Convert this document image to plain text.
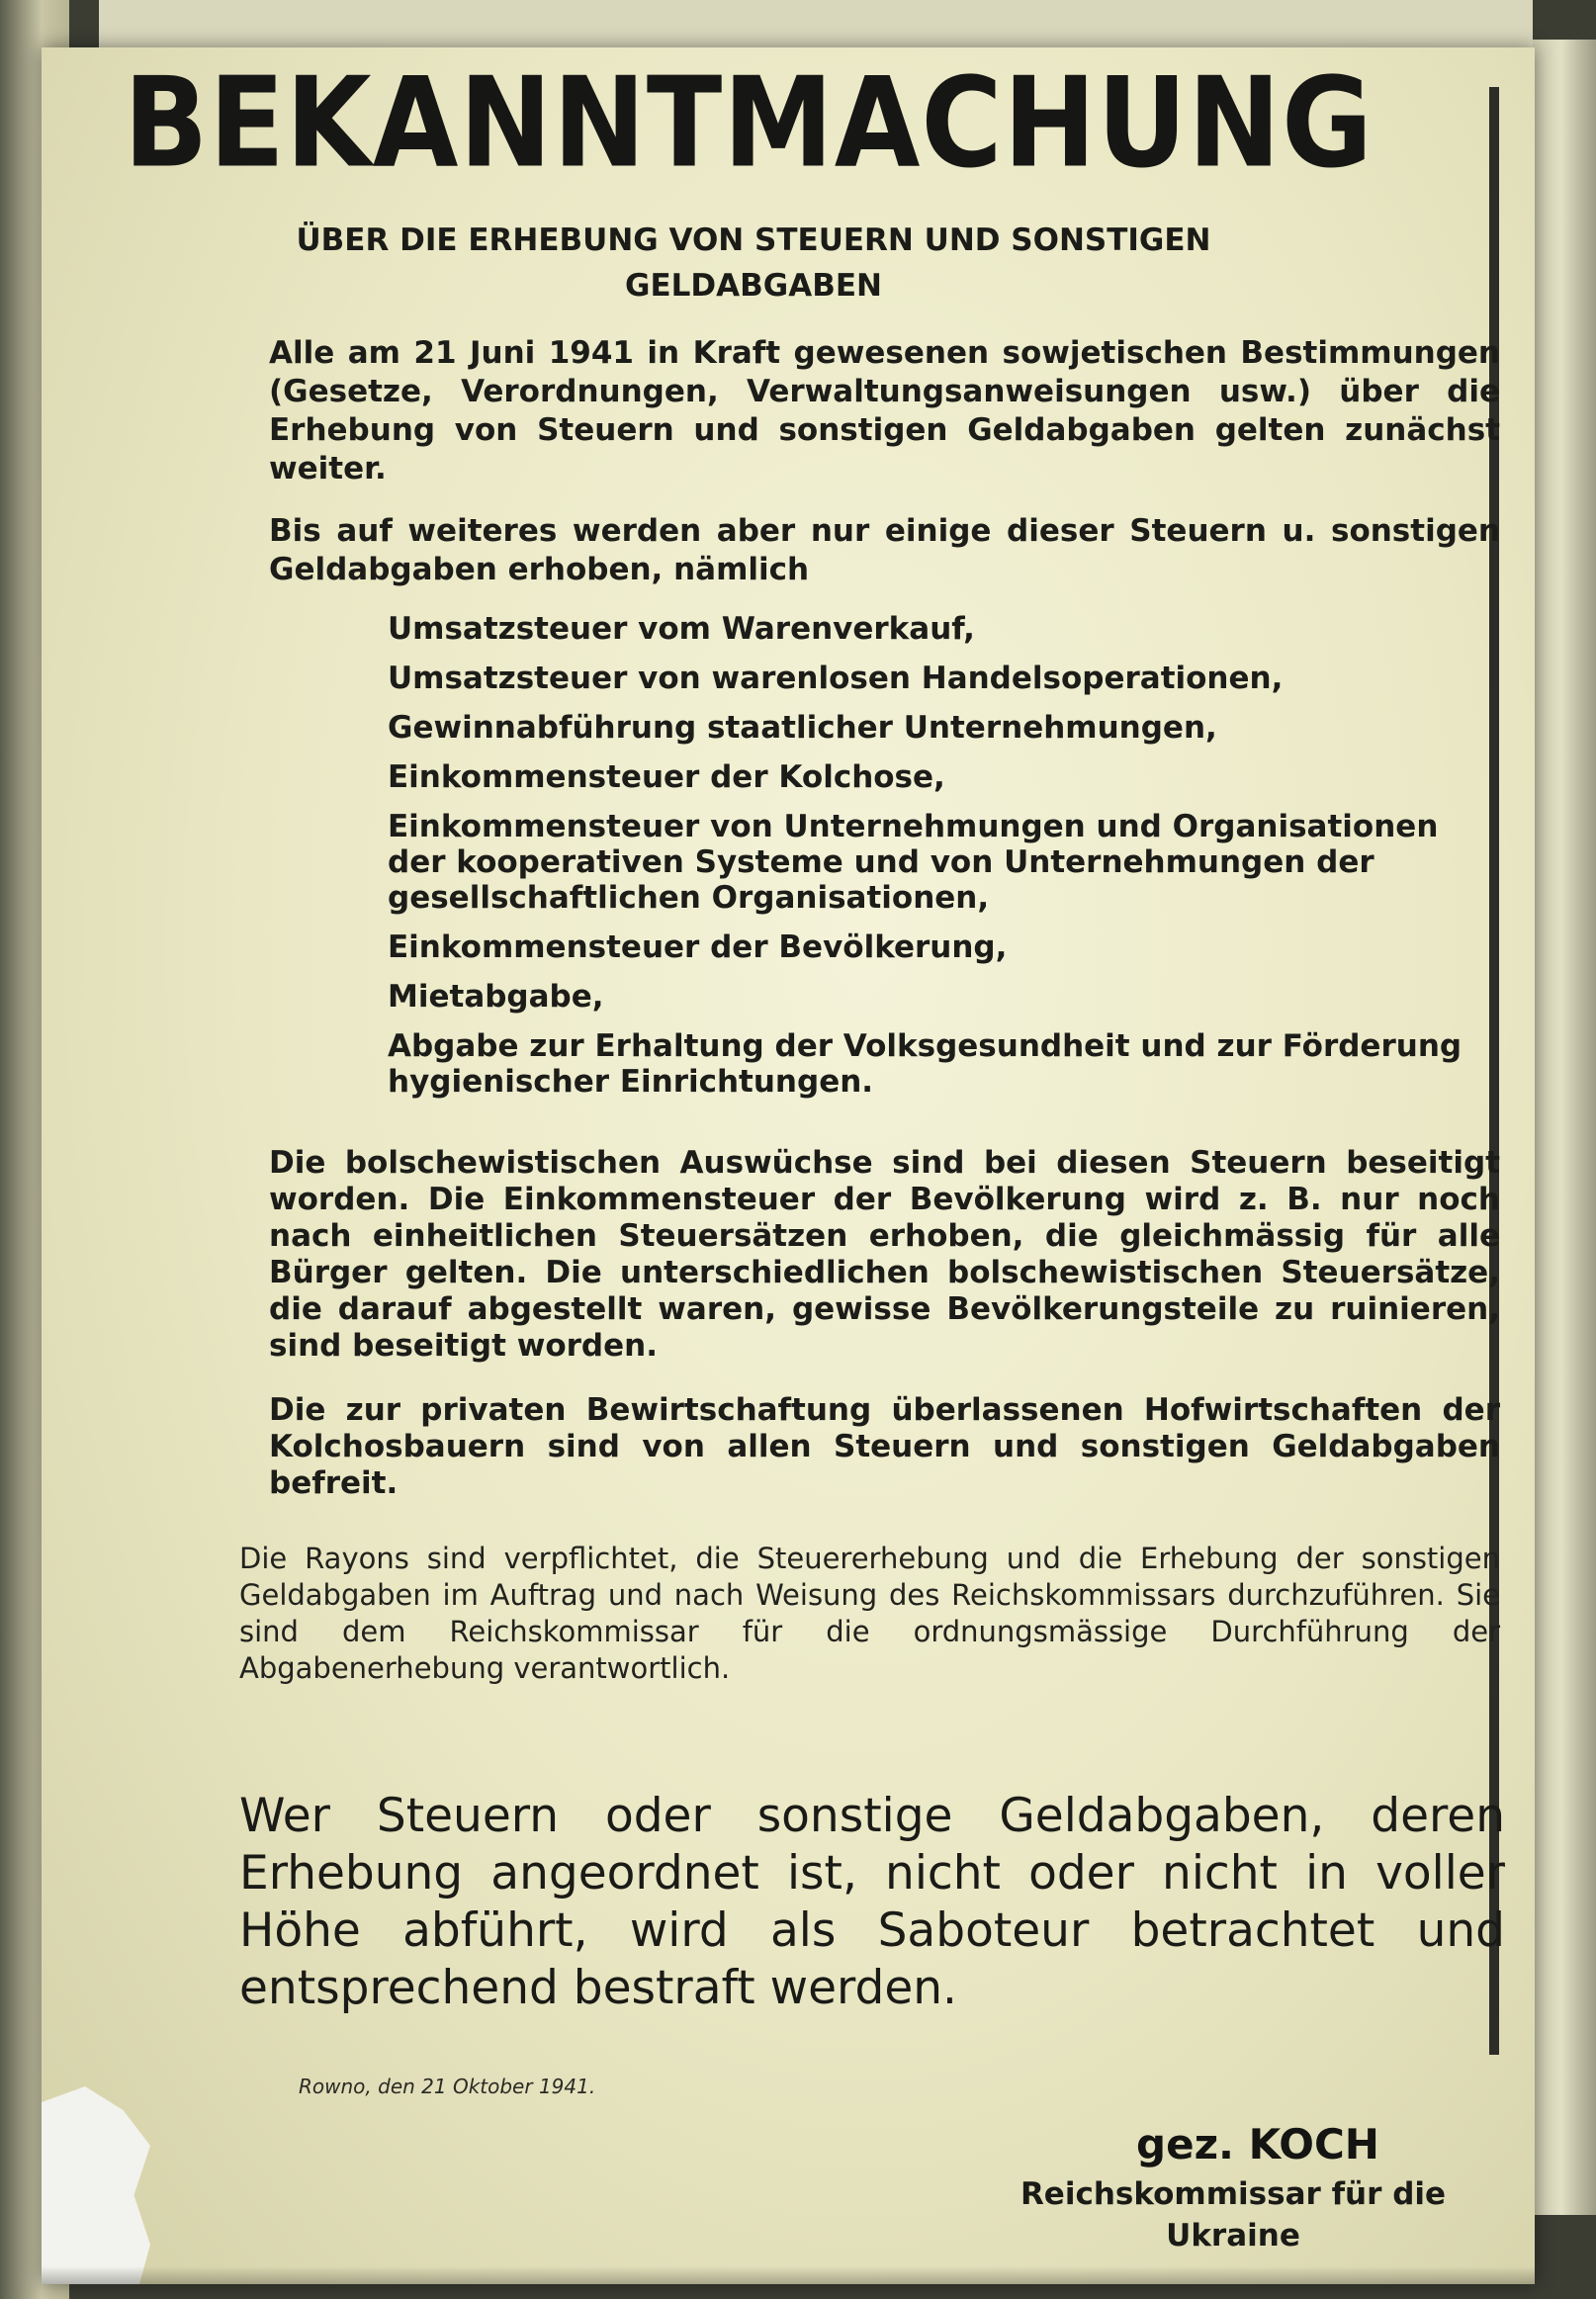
BEKANNTMACHUNG
ÜBER DIE ERHEBUNG VON STEUERN UND SONSTIGEN GELDABGABEN
Alle am 21 Juni 1941 in Kraft gewesenen sowjetischen Bestimmungen (Gesetze, Verordnungen, Verwaltungsanweisungen usw.) über die Erhebung von Steuern und sonstigen Geldabgaben gelten zunächst weiter.
Bis auf weiteres werden aber nur einige dieser Steuern u. sonstigen Geldabgaben erhoben, nämlich
Umsatzsteuer vom Warenverkauf,
Umsatzsteuer von warenlosen Handelsoperationen,
Gewinnabführung staatlicher Unternehmungen,
Einkommensteuer der Kolchose,
Einkommensteuer von Unternehmungen und Organisationen der kooperativen Systeme und von Unternehmungen der gesellschaftlichen Organisationen,
Einkommensteuer der Bevölkerung,
Mietabgabe,
Abgabe zur Erhaltung der Volksgesundheit und zur Förderung hygienischer Einrichtungen.
Die bolschewistischen Auswüchse sind bei diesen Steuern beseitigt worden. Die Einkommensteuer der Bevölkerung wird z. B. nur noch nach einheitlichen Steuersätzen erhoben, die gleichmässig für alle Bürger gelten. Die unterschiedlichen bolschewistischen Steuersätze, die darauf abgestellt waren, gewisse Bevölkerungsteile zu ruinieren, sind beseitigt worden.
Die zur privaten Bewirtschaftung überlassenen Hofwirtschaften der Kolchosbauern sind von allen Steuern und sonstigen Geldabgaben befreit.
Die Rayons sind verpflichtet, die Steuererhebung und die Erhebung der sonstigen Geldabgaben im Auftrag und nach Weisung des Reichskommissars durchzuführen. Sie sind dem Reichskommissar für die ordnungsmässige Durchführung der Abgabenerhebung verantwortlich.
Wer Steuern oder sonstige Geldabgaben, deren Erhebung angeordnet ist, nicht oder nicht in voller Höhe abführt, wird als Saboteur betrachtet und entsprechend bestraft werden.
Rowno, den 21 Oktober 1941.
gez. KOCH
Reichskommissar für die Ukraine
